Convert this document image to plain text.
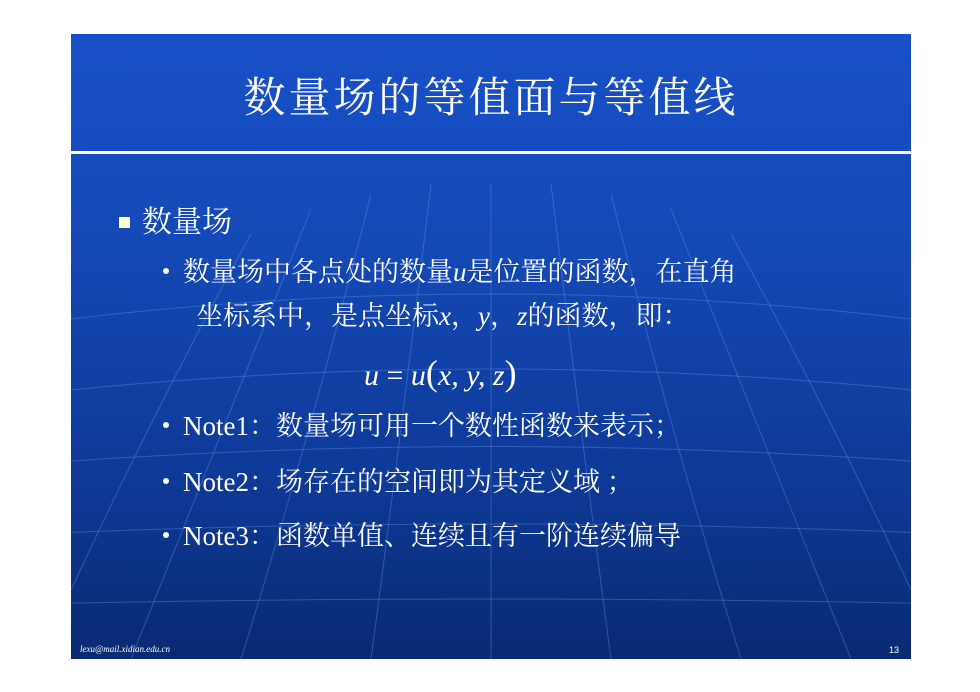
数量场的等值面与等值线
数量场
数量场中各点处的数量u是位置的函数，在直角
坐标系中，是点坐标x，y，z的函数，即：
u = u(x, y, z)
Note1：数量场可用一个数性函数来表示；
Note2：场存在的空间即为其定义域 ；
Note3：函数单值、连续且有一阶连续偏导
lexu@mail.xidian.edu.cn	13
